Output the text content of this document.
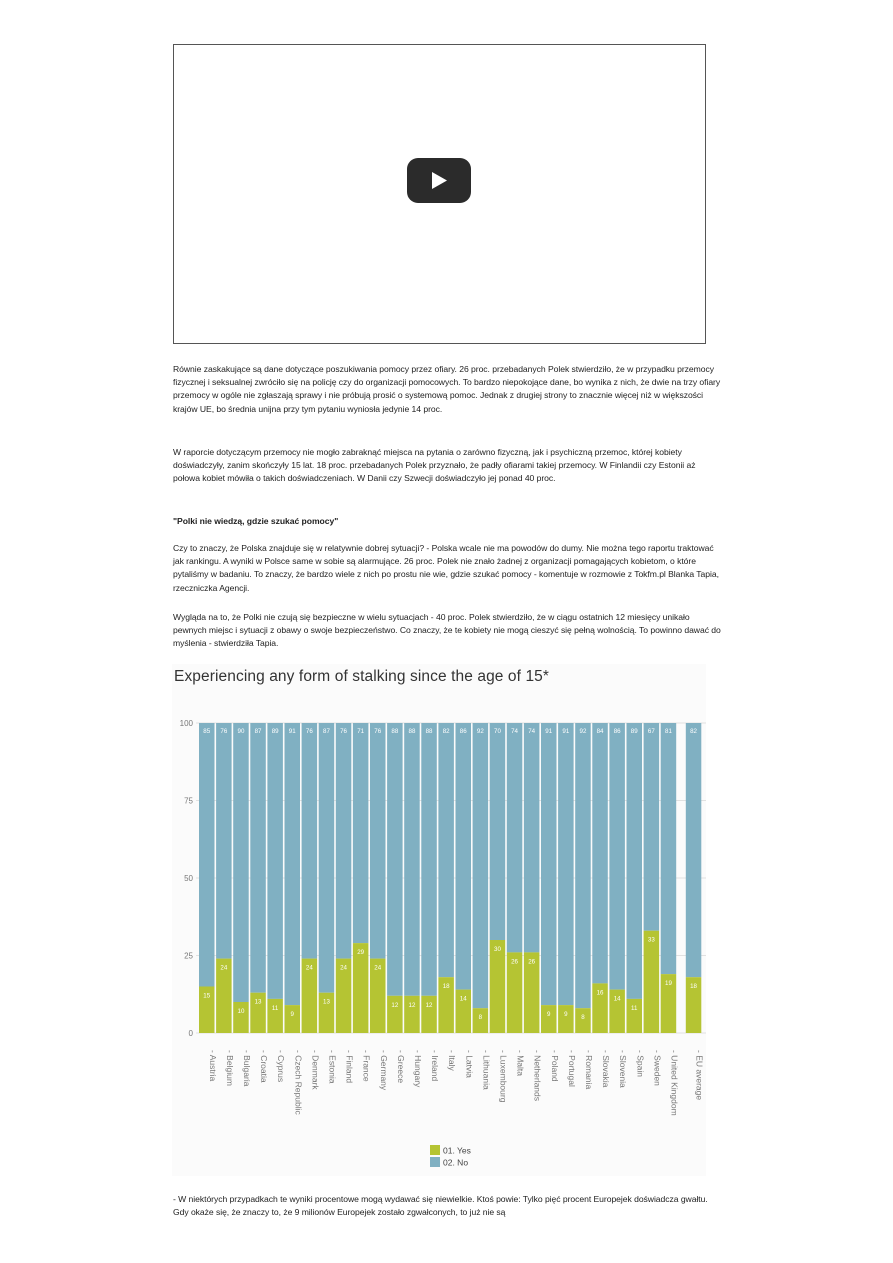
Równie zaskakujące są dane dotyczące poszukiwania pomocy przez ofiary. 26 proc. przebadanych Polek stwierdziło, że w przypadku przemocy fizycznej i seksualnej zwróciło się na policję czy do organizacji pomocowych. To bardzo niepokojące dane, bo wynika z nich, że dwie na trzy ofiary przemocy w ogóle nie zgłaszają sprawy i nie próbują prosić o systemową pomoc. Jednak z drugiej strony to znacznie więcej niż w większości krajów UE, bo średnia unijna przy tym pytaniu wyniosła jedynie 14 proc.

W raporcie dotyczącym przemocy nie mogło zabraknąć miejsca na pytania o zarówno fizyczną, jak i psychiczną przemoc, której kobiety doświadczyły, zanim skończyły 15 lat. 18 proc. przebadanych Polek przyznało, że padły ofiarami takiej przemocy. W Finlandii czy Estonii aż połowa kobiet mówiła o takich doświadczeniach. W Danii czy Szwecji doświadczyło jej ponad 40 proc.

"Polki nie wiedzą, gdzie szukać pomocy"

Czy to znaczy, że Polska znajduje się w relatywnie dobrej sytuacji? - Polska wcale nie ma powodów do dumy. Nie można tego raportu traktować jak rankingu. A wyniki w Polsce same w sobie są alarmujące. 26 proc. Polek nie znało żadnej z organizacji pomagających kobietom, o które pytaliśmy w badaniu. To znaczy, że bardzo wiele z nich po prostu nie wie, gdzie szukać pomocy - komentuje w rozmowie z Tokfm.pl Blanka Tapia, rzeczniczka Agencji.

Wygląda na to, że Polki nie czują się bezpieczne w wielu sytuacjach - 40 proc. Polek stwierdziło, że w ciągu ostatnich 12 miesięcy unikało pewnych miejsc i sytuacji z obawy o swoje bezpieczeństwo. Co znaczy, że te kobiety nie mogą cieszyć się pełną wolnością. To powinno dawać do myślenia - stwierdziła Tapia.

Experiencing any form of stalking since the age of 15*
0
25
50
75
100
85
15
- Austria
76
24
- Belgium
90
10
- Bulgaria
87
13
- Croatia
89
11
- Cyprus
91
9
- Czech Republic
76
24
- Denmark
87
13
- Estonia
76
24
- Finland
71
29
- France
76
24
- Germany
88
12
- Greece
88
12
- Hungary
88
12
- Ireland
82
18
- Italy
86
14
- Latvia
92
8
- Lithuania
70
30
- Luxembourg
74
26
- Malta
74
26
- Netherlands
91
9
- Poland
91
9
- Portugal
92
8
- Romania
84
16
- Slovakia
86
14
- Slovenia
89
11
- Spain
67
33
- Sweden
81
19
- United Kingdom
82
18
- EU average
01. Yes
02. No

- W niektórych przypadkach te wyniki procentowe mogą wydawać się niewielkie. Ktoś powie: Tylko pięć procent Europejek doświadcza gwałtu. Gdy okaże się, że znaczy to, że 9 milionów Europejek zostało zgwałconych, to już nie są
